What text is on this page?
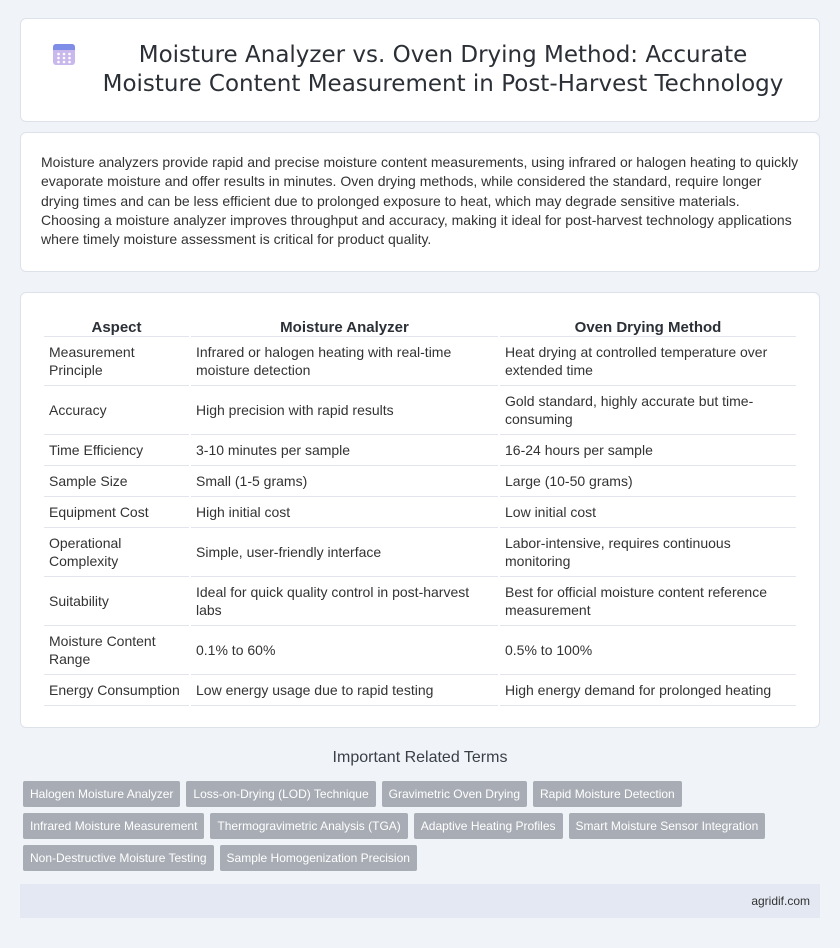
Moisture Analyzer vs. Oven Drying Method: Accurate Moisture Content Measurement in Post-Harvest Technology

Moisture analyzers provide rapid and precise moisture content measurements, using infrared or halogen heating to quickly evaporate moisture and offer results in minutes. Oven drying methods, while considered the standard, require longer drying times and can be less efficient due to prolonged exposure to heat, which may degrade sensitive materials. Choosing a moisture analyzer improves throughput and accuracy, making it ideal for post-harvest technology applications where timely moisture assessment is critical for product quality.

Aspect	Moisture Analyzer	Oven Drying Method
Measurement Principle	Infrared or halogen heating with real-time moisture detection	Heat drying at controlled temperature over extended time
Accuracy	High precision with rapid results	Gold standard, highly accurate but time-consuming
Time Efficiency	3-10 minutes per sample	16-24 hours per sample
Sample Size	Small (1-5 grams)	Large (10-50 grams)
Equipment Cost	High initial cost	Low initial cost
Operational Complexity	Simple, user-friendly interface	Labor-intensive, requires continuous monitoring
Suitability	Ideal for quick quality control in post-harvest labs	Best for official moisture content reference measurement
Moisture Content Range	0.1% to 60%	0.5% to 100%
Energy Consumption	Low energy usage due to rapid testing	High energy demand for prolonged heating
Important Related Terms
Halogen Moisture Analyzer	Loss-on-Drying (LOD) Technique	Gravimetric Oven Drying	Rapid Moisture Detection
Infrared Moisture Measurement	Thermogravimetric Analysis (TGA)	Adaptive Heating Profiles	Smart Moisture Sensor Integration
Non-Destructive Moisture Testing	Sample Homogenization Precision
agridif.com
